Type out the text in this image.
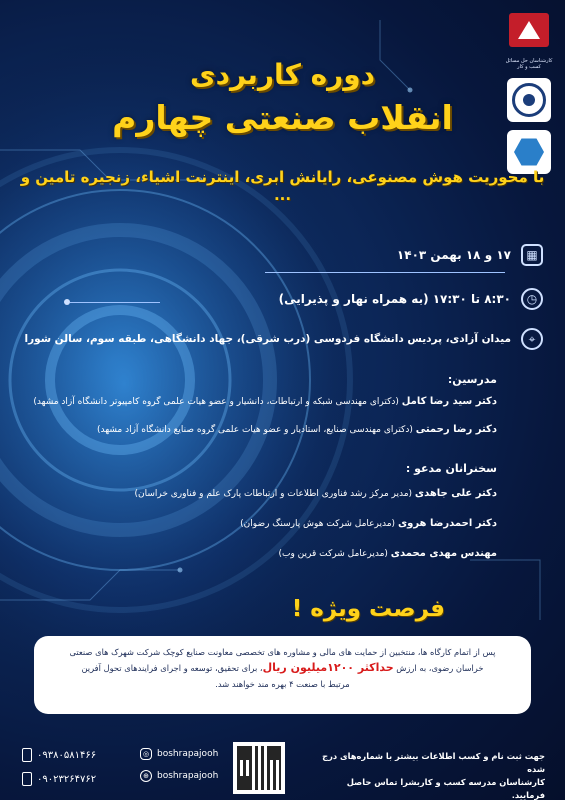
کارشناسان حل مسائل کسب و کار
دوره کاربردی
انقلاب صنعتی چهارم
با محوریت هوش مصنوعی، رایانش ابری، اینترنت اشیاء، زنجیره تامین و ...
▦
۱۷ و ۱۸ بهمن ۱۴۰۳
◷
۸:۳۰ تا ۱۷:۳۰ (به همراه نهار و پذیرایی)
⌖
میدان آزادی، پردیس دانشگاه فردوسی (درب شرقی)، جهاد دانشگاهی، طبقه سوم، سالن شورا
مدرسین:
دکتر سید رضا کامل (دکترای مهندسی شبکه و ارتباطات، دانشیار و عضو هیات علمی گروه کامپیوتر دانشگاه آزاد مشهد)
دکتر رضا رحمتی (دکترای مهندسی صنایع، استادیار و عضو هیات علمی گروه صنایع دانشگاه آزاد مشهد)
سخنرانان مدعو :
دکتر علی جاهدی (مدیر مرکز رشد فناوری اطلاعات و ارتباطات پارک علم و فناوری خراسان)
دکتر احمدرضا هروی (مدیرعامل شرکت هوش پارسنگ رضوان)
مهندس مهدی محمدی (مدیرعامل شرکت قرین وب)
فرصت ویژه !

پس از اتمام کارگاه ها، منتخبین از حمایت های مالی و مشاوره های تخصصی معاونت صنایع کوچک شرکت شهرک های صنعتی

خراسان رضوی، به ارزش حداکثر ۱۲۰۰میلیون ریال، برای تحقیق، توسعه و اجرای فرایندهای تحول آفرین

مرتبط با صنعت ۴ بهره مند خواهند شد.

جهت ثبت نام و کسب اطلاعات بیشتر با شماره‌های درج شده
کارشناسان مدرسه کسب و کاربشرا تماس حاصل فرمایید.
◎ boshrapajooh
⊕ boshrapajooh
۰۹۳۸۰۵۸۱۴۶۶
۰۹۰۲۳۲۶۴۷۶۲
